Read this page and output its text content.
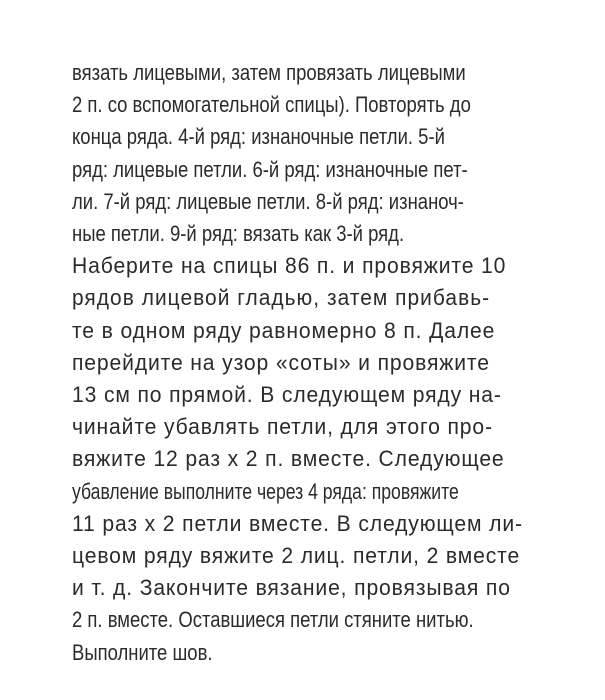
вязать лицевыми, затем провязать лицевыми
2 п. со вспомогательной спицы). Повторять до
конца ряда. 4-й ряд: изнаночные петли. 5-й
ряд: лицевые петли. 6-й ряд: изнаночные пет-
ли. 7-й ряд: лицевые петли. 8-й ряд: изнаноч-
ные петли. 9-й ряд: вязать как 3-й ряд.
Наберите на спицы 86 п. и провяжите 10
рядов лицевой гладью, затем прибавь-
те в одном ряду равномерно 8 п. Далее
перейдите на узор «соты» и провяжите
13 см по прямой. В следующем ряду на-
чинайте убавлять петли, для этого про-
вяжите 12 раз x 2 п. вместе. Следующее
убавление выполните через 4 ряда: провяжите
11 раз x 2 петли вместе. В следующем ли-
цевом ряду вяжите 2 лиц. петли, 2 вместе
и т. д. Закончите вязание, провязывая по
2 п. вместе. Оставшиеся петли стяните нитью.
Выполните шов.
